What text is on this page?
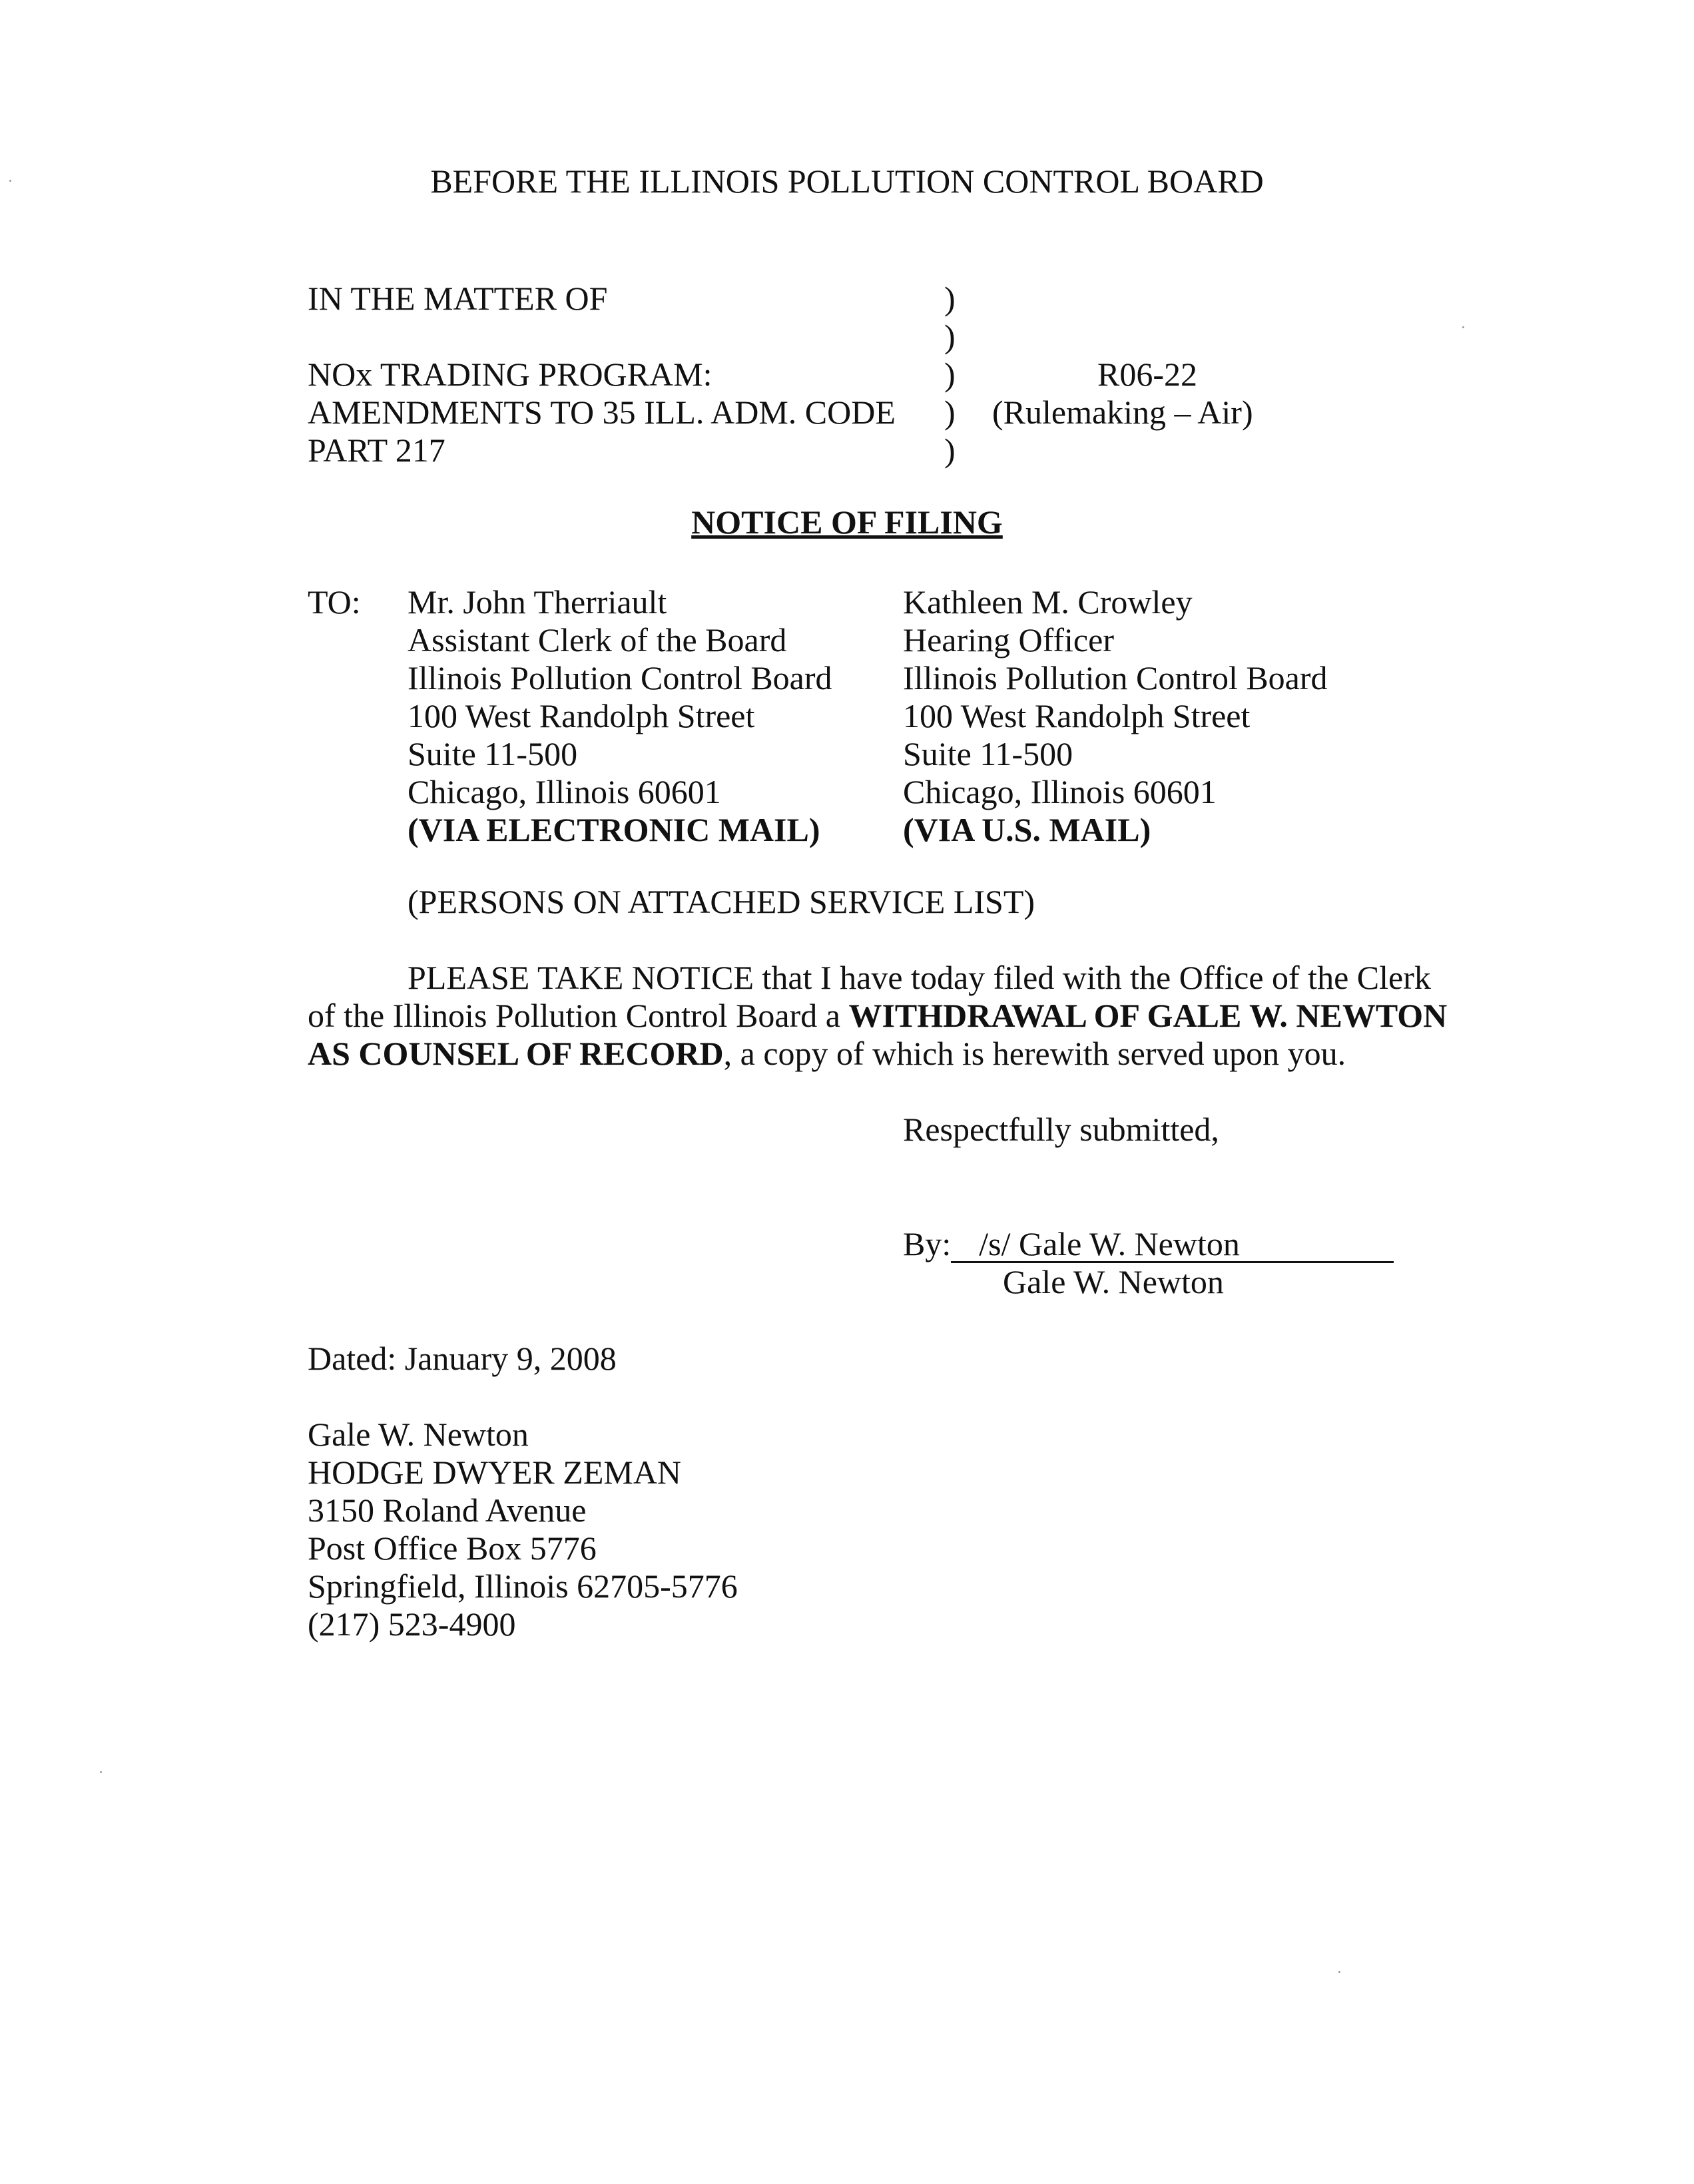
BEFORE THE ILLINOIS POLLUTION CONTROL BOARD
IN THE MATTER OF
NOx TRADING PROGRAM:
AMENDMENTS TO 35 ILL. ADM. CODE
PART 217
)
)
)
)
)
R06-22
(Rulemaking – Air)
NOTICE OF FILING
TO: Mr. John Therriault
Assistant Clerk of the Board
Illinois Pollution Control Board
100 West Randolph Street
Suite 11-500
Chicago, Illinois 60601
(VIA ELECTRONIC MAIL)
Kathleen M. Crowley
Hearing Officer
Illinois Pollution Control Board
100 West Randolph Street
Suite 11-500
Chicago, Illinois 60601
(VIA U.S. MAIL)
(PERSONS ON ATTACHED SERVICE LIST)
PLEASE TAKE NOTICE that I have today filed with the Office of the Clerk of the Illinois Pollution Control Board a WITHDRAWAL OF GALE W. NEWTON AS COUNSEL OF RECORD, a copy of which is herewith served upon you.
Respectfully submitted,
By: /s/ Gale W. Newton
Gale W. Newton
Dated: January 9, 2008
Gale W. Newton
HODGE DWYER ZEMAN
3150 Roland Avenue
Post Office Box 5776
Springfield, Illinois 62705-5776
(217) 523-4900
